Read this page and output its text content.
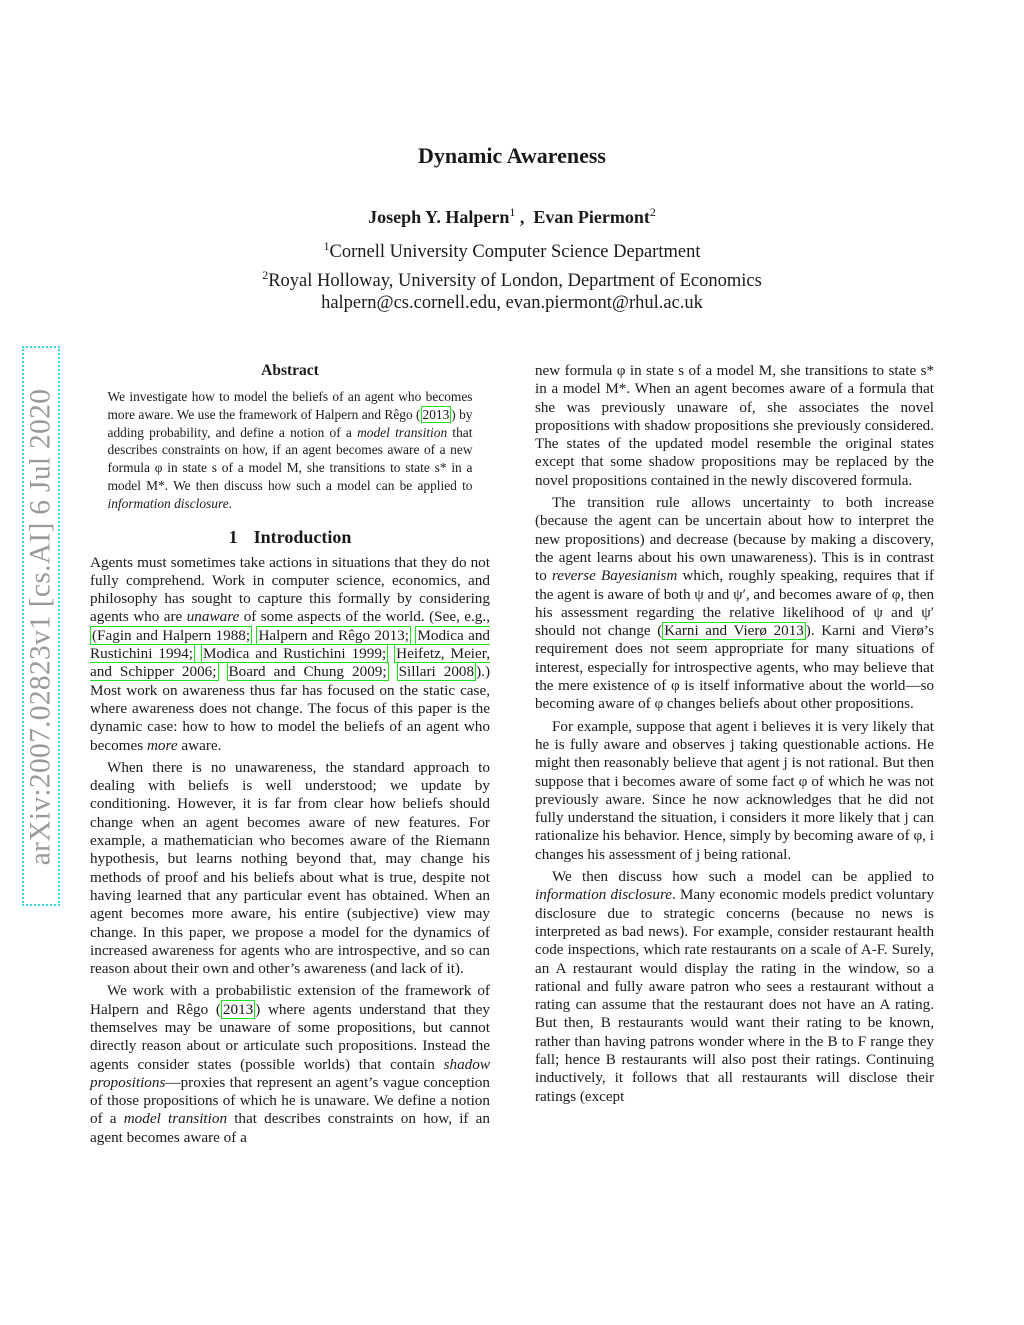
Dynamic Awareness
Joseph Y. Halpern$^1$ , Evan Piermont$^2$
$^1$Cornell University Computer Science Department
$^2$Royal Holloway, University of London, Department of Economics
halpern@cs.cornell.edu, evan.piermont@rhul.ac.uk
arXiv:2007.02823v1 [cs.AI] 6 Jul 2020
Abstract
We investigate how to model the beliefs of an agent who becomes more aware. We use the framework of Halpern and Rêgo ( 2013 ) by adding probability, and define a notion of a model transition that describes constraints on how, if an agent becomes aware of a new formula φ in state s of a model M, she transitions to state s* in a model M*. We then discuss how such a model can be applied to information disclosure.
1 Introduction

Agents must sometimes take actions in situations that they do not fully comprehend. Work in computer science, economics, and philosophy has sought to capture this formally by considering agents who are unaware of some aspects of the world. (See, e.g., (Fagin and Halpern 1988; Halpern and Rêgo 2013; Modica and Rustichini 1994; Modica and Rustichini 1999; Heifetz, Meier, and Schipper 2006; Board and Chung 2009; Sillari 2008 ).) Most work on awareness thus far has focused on the static case, where awareness does not change. The focus of this paper is the dynamic case: how to how to model the beliefs of an agent who becomes more aware.

When there is no unawareness, the standard approach to dealing with beliefs is well understood; we update by conditioning. However, it is far from clear how beliefs should change when an agent becomes aware of new features. For example, a mathematician who becomes aware of the Riemann hypothesis, but learns nothing beyond that, may change his methods of proof and his beliefs about what is true, despite not having learned that any particular event has obtained. When an agent becomes more aware, his entire (subjective) view may change. In this paper, we propose a model for the dynamics of increased awareness for agents who are introspective, and so can reason about their own and other’s awareness (and lack of it).

We work with a probabilistic extension of the framework of Halpern and Rêgo ( 2013 ) where agents understand that they themselves may be unaware of some propositions, but cannot directly reason about or articulate such propositions. Instead the agents consider states (possible worlds) that contain shadow propositions—proxies that represent an agent’s vague conception of those propositions of which he is unaware. We define a notion of a model transition that describes constraints on how, if an agent becomes aware of a

new formula φ in state s of a model M, she transitions to state s* in a model M*. When an agent becomes aware of a formula that she was previously unaware of, she associates the novel propositions with shadow propositions she previously considered. The states of the updated model resemble the original states except that some shadow propositions may be replaced by the novel propositions contained in the newly discovered formula.

The transition rule allows uncertainty to both increase (because the agent can be uncertain about how to interpret the new propositions) and decrease (because by making a discovery, the agent learns about his own unawareness). This is in contrast to reverse Bayesianism which, roughly speaking, requires that if the agent is aware of both ψ and ψ′, and becomes aware of φ, then his assessment regarding the relative likelihood of ψ and ψ′ should not change ( Karni and Vierø 2013 ). Karni and Vierø’s requirement does not seem appropriate for many situations of interest, especially for introspective agents, who may believe that the mere existence of φ is itself informative about the world—so becoming aware of φ changes beliefs about other propositions.

For example, suppose that agent i believes it is very likely that he is fully aware and observes j taking questionable actions. He might then reasonably believe that agent j is not rational. But then suppose that i becomes aware of some fact φ of which he was not previously aware. Since he now acknowledges that he did not fully understand the situation, i considers it more likely that j can rationalize his behavior. Hence, simply by becoming aware of φ, i changes his assessment of j being rational.

We then discuss how such a model can be applied to information disclosure. Many economic models predict voluntary disclosure due to strategic concerns (because no news is interpreted as bad news). For example, consider restaurant health code inspections, which rate restaurants on a scale of A-F. Surely, an A restaurant would display the rating in the window, so a rational and fully aware patron who sees a restaurant without a rating can assume that the restaurant does not have an A rating. But then, B restaurants would want their rating to be known, rather than having patrons wonder where in the B to F range they fall; hence B restaurants will also post their ratings. Continuing inductively, it follows that all restaurants will disclose their ratings (except
